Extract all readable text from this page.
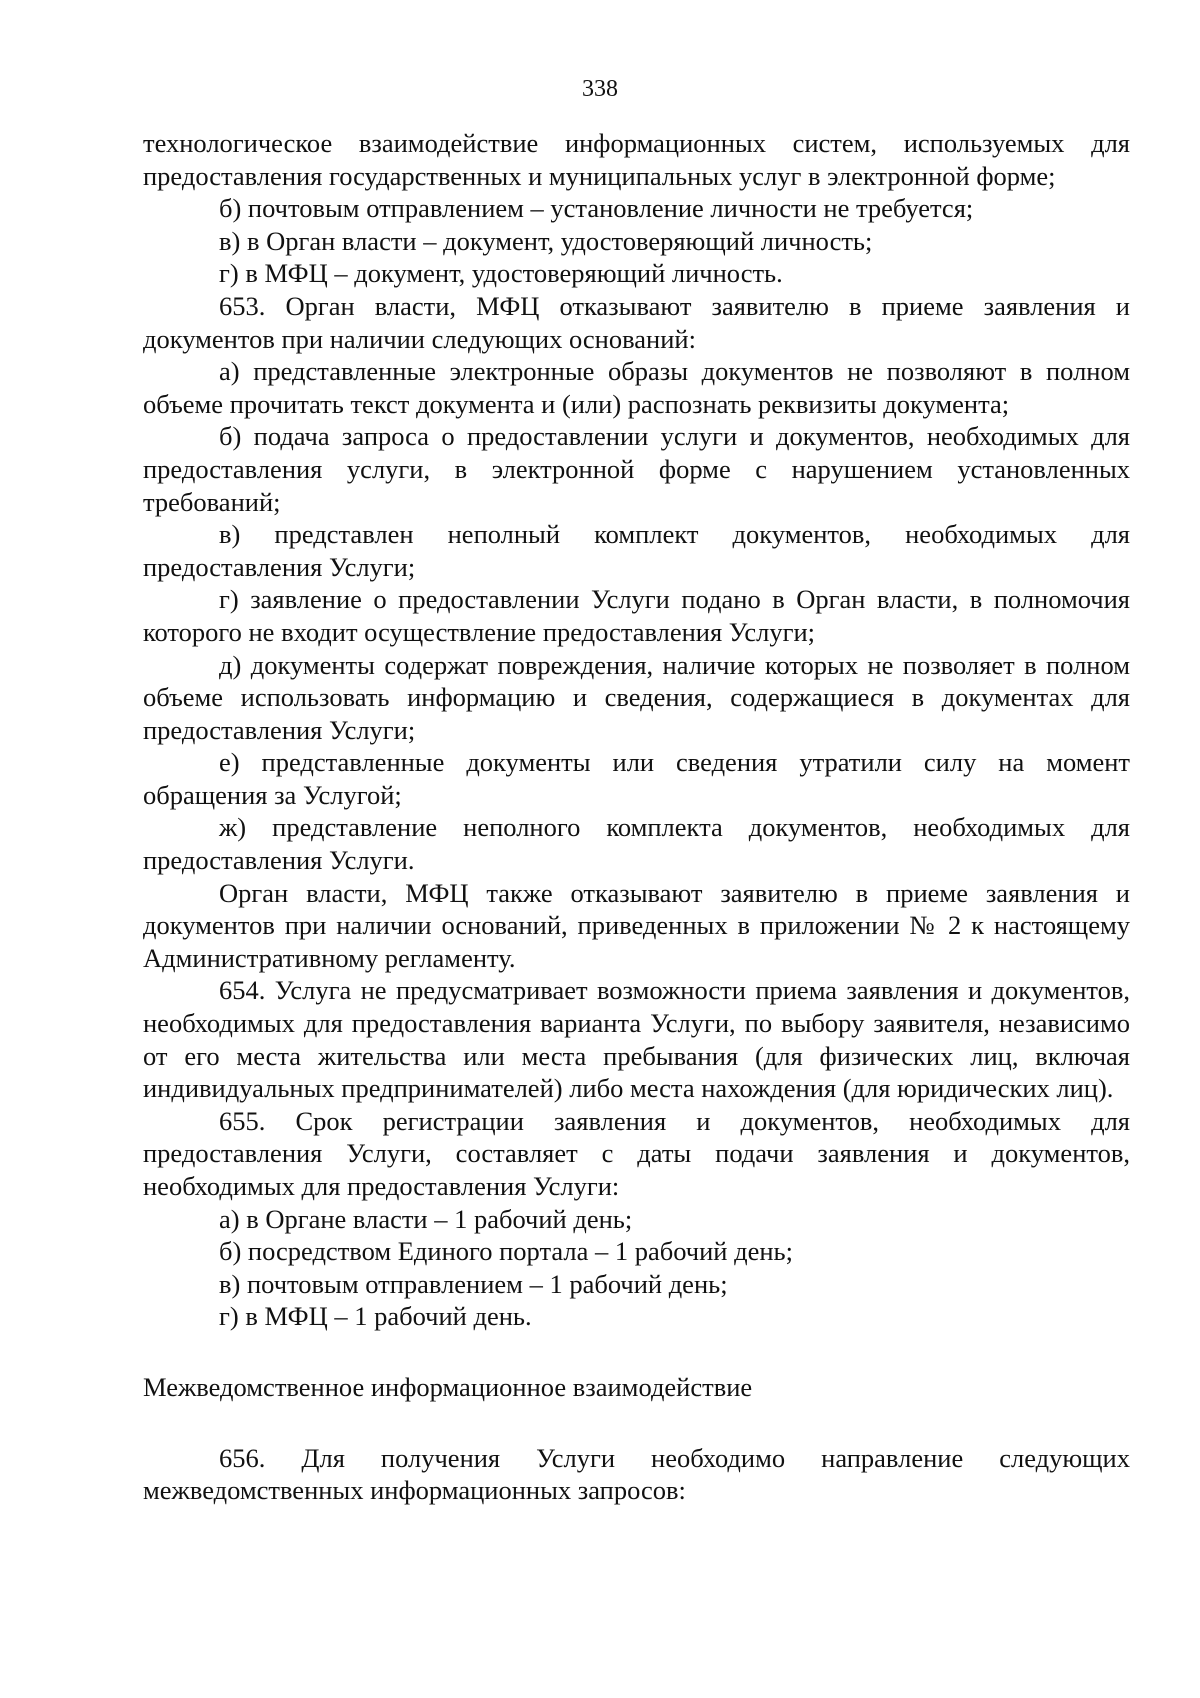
338

технологическое взаимодействие информационных систем, используемых для предоставления государственных и муниципальных услуг в электронной форме;

б) почтовым отправлением – установление личности не требуется;

в) в Орган власти – документ, удостоверяющий личность;

г) в МФЦ – документ, удостоверяющий личность.

653. Орган власти, МФЦ отказывают заявителю в приеме заявления и документов при наличии следующих оснований:

а) представленные электронные образы документов не позволяют в полном объеме прочитать текст документа и (или) распознать реквизиты документа;

б) подача запроса о предоставлении услуги и документов, необходимых для предоставления услуги, в электронной форме с нарушением установленных требований;

в) представлен неполный комплект документов, необходимых для предоставления Услуги;

г) заявление о предоставлении Услуги подано в Орган власти, в полномочия которого не входит осуществление предоставления Услуги;

д) документы содержат повреждения, наличие которых не позволяет в полном объеме использовать информацию и сведения, содержащиеся в документах для предоставления Услуги;

е) представленные документы или сведения утратили силу на момент обращения за Услугой;

ж) представление неполного комплекта документов, необходимых для предоставления Услуги.

Орган власти, МФЦ также отказывают заявителю в приеме заявления и документов при наличии оснований, приведенных в приложении № 2 к настоящему Административному регламенту.

654. Услуга не предусматривает возможности приема заявления и документов, необходимых для предоставления варианта Услуги, по выбору заявителя, независимо от его места жительства или места пребывания (для физических лиц, включая индивидуальных предпринимателей) либо места нахождения (для юридических лиц).

655. Срок регистрации заявления и документов, необходимых для предоставления Услуги, составляет с даты подачи заявления и документов, необходимых для предоставления Услуги:

а) в Органе власти – 1 рабочий день;

б) посредством Единого портала – 1 рабочий день;

в) почтовым отправлением – 1 рабочий день;

г) в МФЦ – 1 рабочий день.

Межведомственное информационное взаимодействие

656. Для получения Услуги необходимо направление следующих межведомственных информационных запросов:
